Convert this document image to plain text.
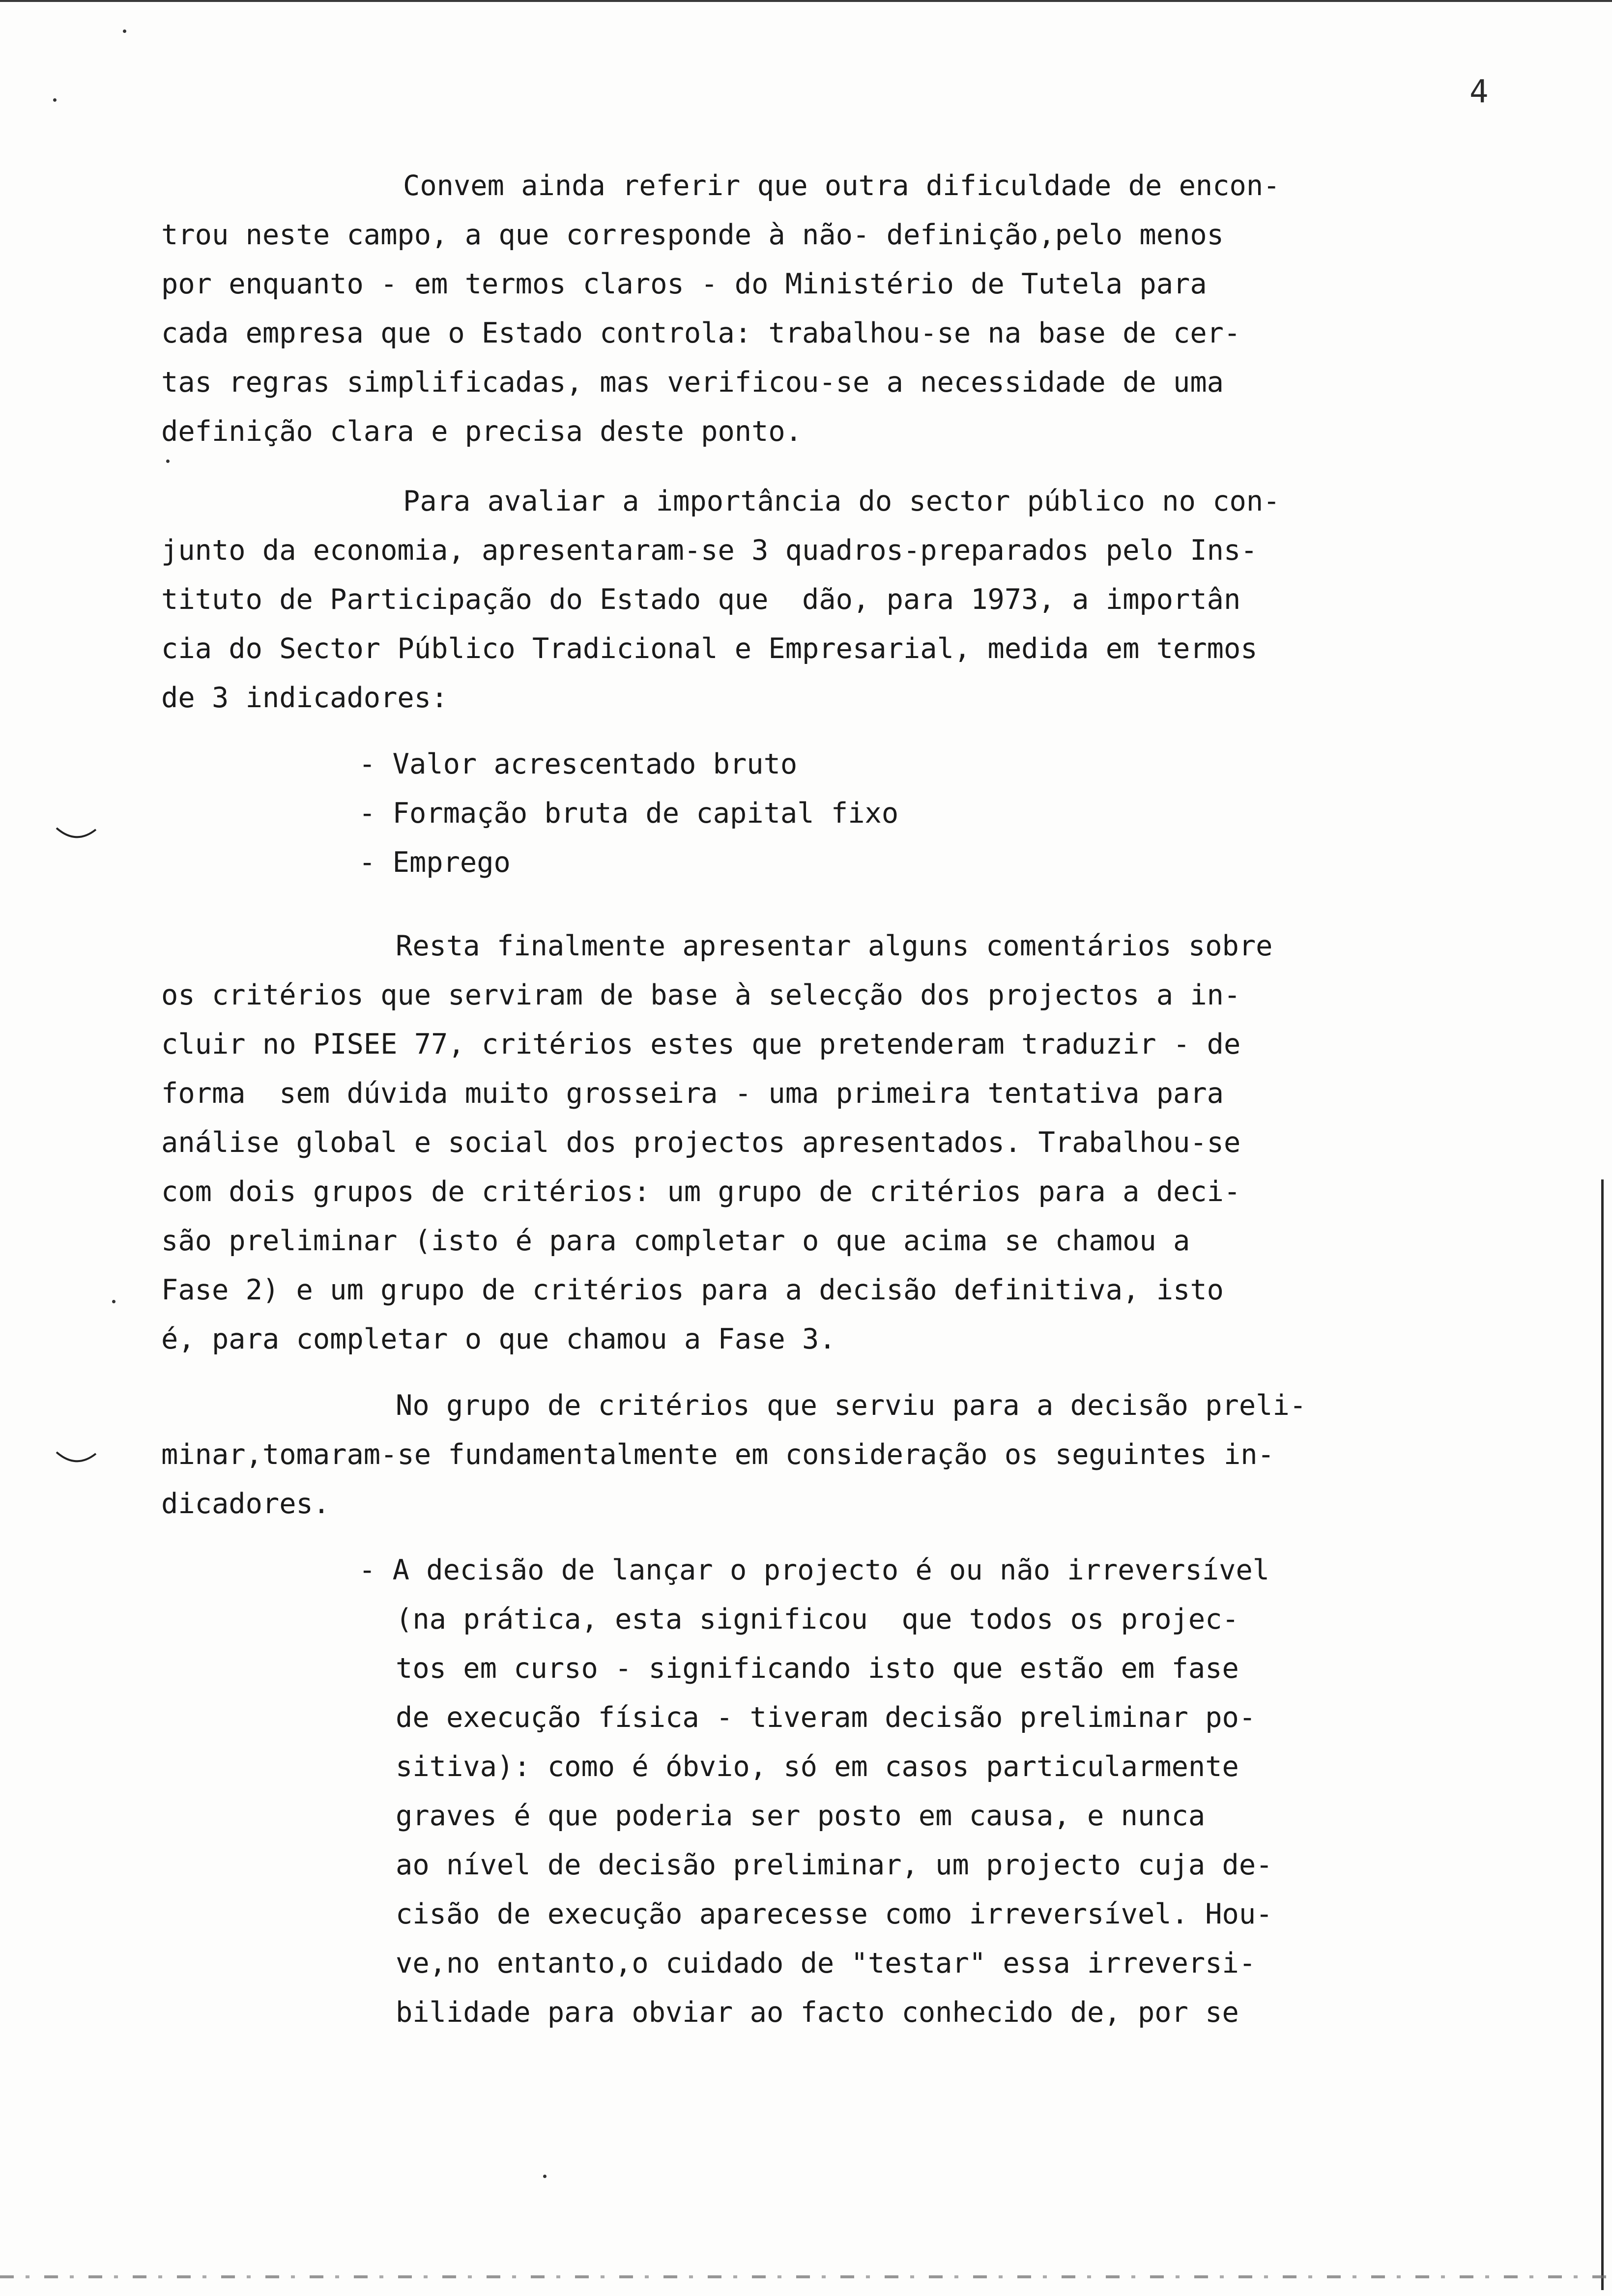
4

Convem ainda referir que outra dificuldade de encon-

trou neste campo, a que corresponde à não- definição,pelo menos

por enquanto - em termos claros - do Ministério de Tutela para

cada empresa que o Estado controla: trabalhou-se na base de cer-

tas regras simplificadas, mas verificou-se a necessidade de uma

definição clara e precisa deste ponto.

Para avaliar a importância do sector público no con-

junto da economia, apresentaram-se 3 quadros-preparados pelo Ins-

tituto de Participação do Estado que  dão, para 1973, a importân

cia do Sector Público Tradicional e Empresarial, medida em termos

de 3 indicadores:

- Valor acrescentado bruto

- Formação bruta de capital fixo

- Emprego

Resta finalmente apresentar alguns comentários sobre

os critérios que serviram de base à selecção dos projectos a in-

cluir no PISEE 77, critérios estes que pretenderam traduzir - de

forma  sem dúvida muito grosseira - uma primeira tentativa para

análise global e social dos projectos apresentados. Trabalhou-se

com dois grupos de critérios: um grupo de critérios para a deci-

são preliminar (isto é para completar o que acima se chamou a

Fase 2) e um grupo de critérios para a decisão definitiva, isto

é, para completar o que chamou a Fase 3.

No grupo de critérios que serviu para a decisão preli-

minar,tomaram-se fundamentalmente em consideração os seguintes in-

dicadores.

- A decisão de lançar o projecto é ou não irreversível

(na prática, esta significou  que todos os projec-

tos em curso - significando isto que estão em fase

de execução física - tiveram decisão preliminar po-

sitiva): como é óbvio, só em casos particularmente

graves é que poderia ser posto em causa, e nunca

ao nível de decisão preliminar, um projecto cuja de-

cisão de execução aparecesse como irreversível. Hou-

ve,no entanto,o cuidado de "testar" essa irreversi-

bilidade para obviar ao facto conhecido de, por se
